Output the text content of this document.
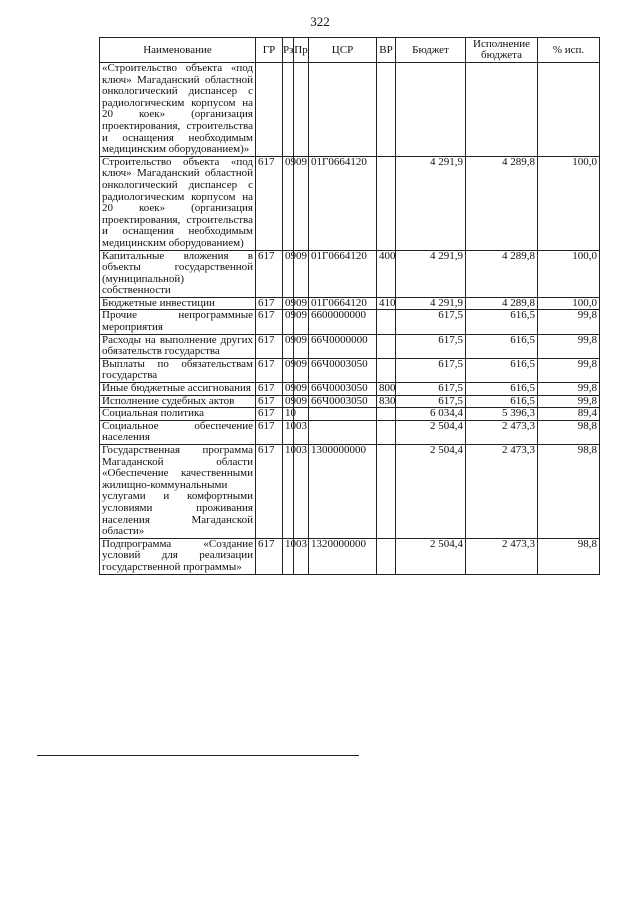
322
Наименование	ГР	Рз	Пр	ЦСР	ВР	Бюджет	Исполнение бюджета	% исп.
«Строительство объекта «под ключ» Магаданский областной онкологический диспансер с радиологическим корпусом на 20 коек» (организация проектирования, строительства и оснащения необходимым медицинским оборудованием)»								
Строительство объекта «под ключ» Магаданский областной онкологический диспансер с радиологическим корпусом на 20 коек» (организация проектирования, строительства и оснащения необходимым медицинским оборудованием)	617	09	09	01Г0664120		4 291,9	4 289,8	100,0
Капитальные вложения в объекты государственной (муниципальной) собственности	617	09	09	01Г0664120	400	4 291,9	4 289,8	100,0
Бюджетные инвестиции	617	09	09	01Г0664120	410	4 291,9	4 289,8	100,0
Прочие непрограммные мероприятия	617	09	09	6600000000		617,5	616,5	99,8
Расходы на выполнение других обязательств государства	617	09	09	66Ч0000000		617,5	616,5	99,8
Выплаты по обязательствам государства	617	09	09	66Ч0003050		617,5	616,5	99,8
Иные бюджетные ассигнования	617	09	09	66Ч0003050	800	617,5	616,5	99,8
Исполнение судебных актов	617	09	09	66Ч0003050	830	617,5	616,5	99,8
Социальная политика	617	10				6 034,4	5 396,3	89,4
Социальное обеспечение населения	617	10	03			2 504,4	2 473,3	98,8
Государственная программа Магаданской области «Обеспечение качественными жилищно-коммунальными услугами и комфортными условиями проживания населения Магаданской области»	617	10	03	1300000000		2 504,4	2 473,3	98,8
Подпрограмма «Создание условий для реализации государственной программы»	617	10	03	1320000000		2 504,4	2 473,3	98,8
